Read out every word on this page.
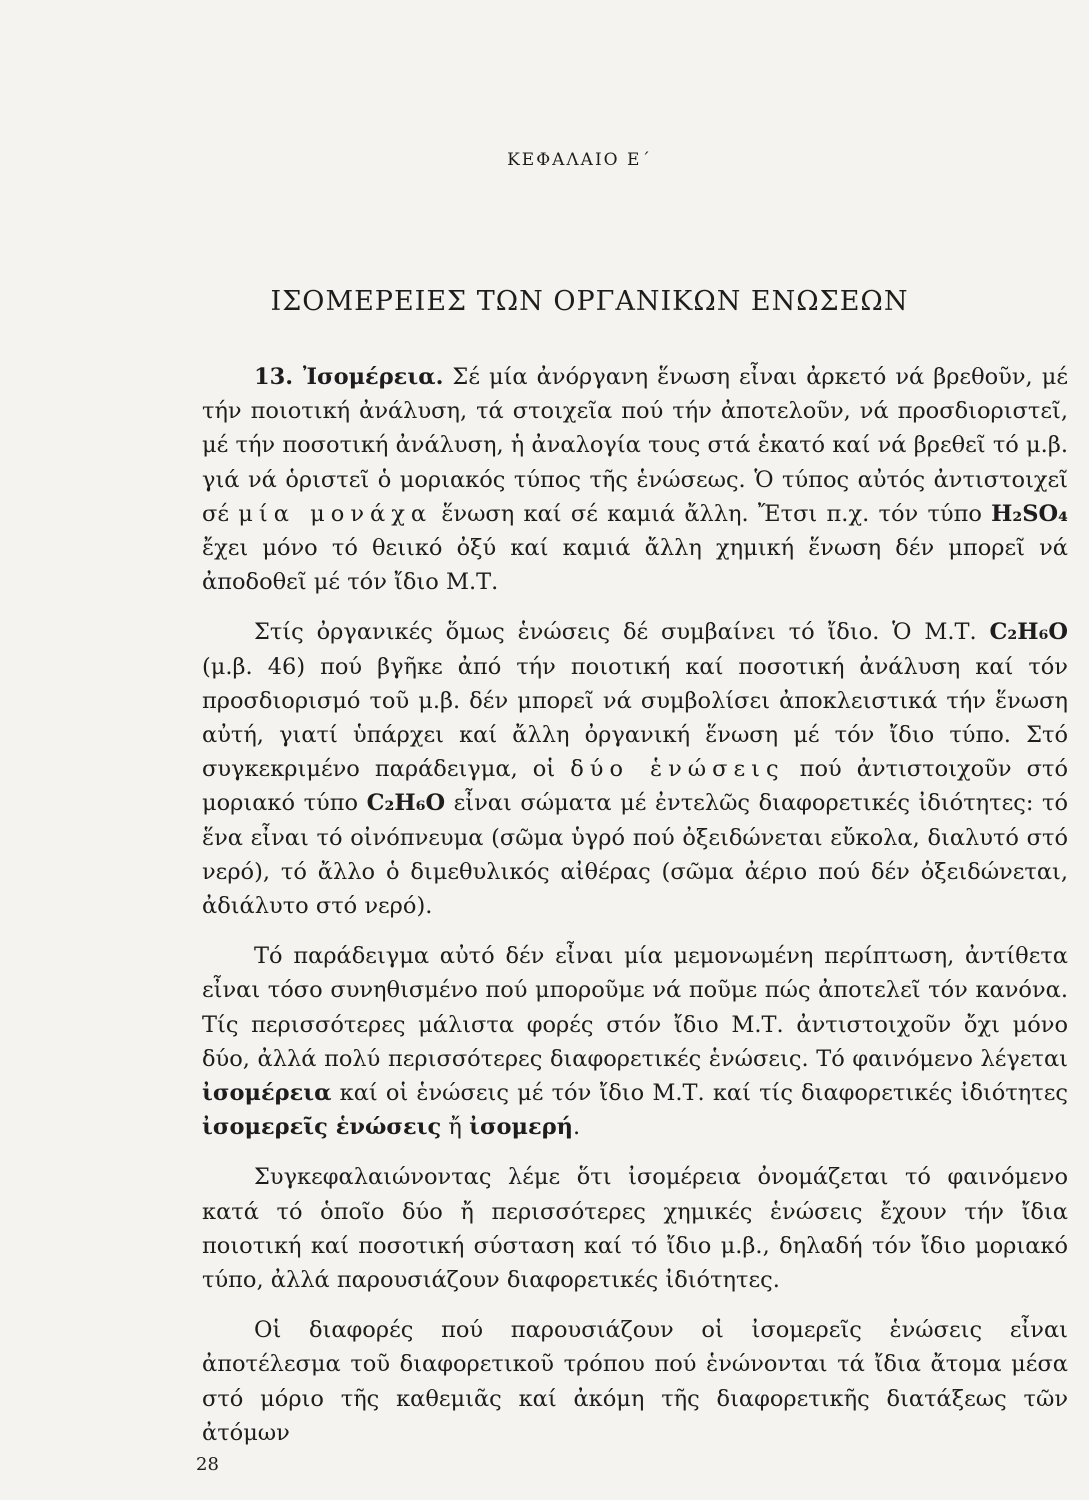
ΚΕΦΑΛΑΙΟ Ε΄
ΙΣΟΜΕΡΕΙΕΣ ΤΩΝ ΟΡΓΑΝΙΚΩΝ ΕΝΩΣΕΩΝ

13. Ἰσομέρεια. Σέ μία ἀνόργανη ἕνωση εἶναι ἀρκετό νά βρεθοῦν, μέ τήν ποιοτική ἀνάλυση, τά στοιχεῖα πού τήν ἀποτελοῦν, νά προσδιοριστεῖ, μέ τήν ποσοτική ἀνάλυση, ἡ ἀναλογία τους στά ἑκατό καί νά βρεθεῖ τό μ.β. γιά νά ὁριστεῖ ὁ μοριακός τύπος τῆς ἑνώσεως. Ὁ τύπος αὐτός ἀντιστοιχεῖ σέ μία μονάχα ἕνωση καί σέ καμιά ἄλλη. Ἔτσι π.χ. τόν τύπο H₂SO₄ ἔχει μόνο τό θειικό ὀξύ καί καμιά ἄλλη χημική ἕνωση δέν μπορεῖ νά ἀποδοθεῖ μέ τόν ἴδιο Μ.Τ.

Στίς ὀργανικές ὅμως ἑνώσεις δέ συμβαίνει τό ἴδιο. Ὁ Μ.Τ. C₂H₆O (μ.β. 46) πού βγῆκε ἀπό τήν ποιοτική καί ποσοτική ἀνάλυση καί τόν προσδιορισμό τοῦ μ.β. δέν μπορεῖ νά συμβολίσει ἀποκλειστικά τήν ἕνωση αὐτή, γιατί ὑπάρχει καί ἄλλη ὀργανική ἕνωση μέ τόν ἴδιο τύπο. Στό συγκεκριμένο παράδειγμα, οἱ δύο ἑνώσεις πού ἀντιστοιχοῦν στό μοριακό τύπο C₂H₆O εἶναι σώματα μέ ἐντελῶς διαφορετικές ἰδιότητες: τό ἕνα εἶναι τό οἰνόπνευμα (σῶμα ὑγρό πού ὀξειδώνεται εὔκολα, διαλυτό στό νερό), τό ἄλλο ὁ διμεθυλικός αἰθέρας (σῶμα ἀέριο πού δέν ὀξειδώνεται, ἀδιάλυτο στό νερό).

Τό παράδειγμα αὐτό δέν εἶναι μία μεμονωμένη περίπτωση, ἀντίθετα εἶναι τόσο συνηθισμένο πού μποροῦμε νά ποῦμε πώς ἀποτελεῖ τόν κανόνα. Τίς περισσότερες μάλιστα φορές στόν ἴδιο Μ.Τ. ἀντιστοιχοῦν ὄχι μόνο δύο, ἀλλά πολύ περισσότερες διαφορετικές ἑνώσεις. Τό φαινόμενο λέγεται ἰσομέρεια καί οἱ ἑνώσεις μέ τόν ἴδιο Μ.Τ. καί τίς διαφορετικές ἰδιότητες ἰσομερεῖς ἑνώσεις ἤ ἰσομερή.

Συγκεφαλαιώνοντας λέμε ὅτι ἰσομέρεια ὀνομάζεται τό φαινόμενο κατά τό ὁποῖο δύο ἤ περισσότερες χημικές ἑνώσεις ἔχουν τήν ἴδια ποιοτική καί ποσοτική σύσταση καί τό ἴδιο μ.β., δηλαδή τόν ἴδιο μοριακό τύπο, ἀλλά παρουσιάζουν διαφορετικές ἰδιότητες.

Οἱ διαφορές πού παρουσιάζουν οἱ ἰσομερεῖς ἑνώσεις εἶναι ἀποτέλεσμα τοῦ διαφορετικοῦ τρόπου πού ἑνώνονται τά ἴδια ἄτομα μέσα στό μόριο τῆς καθεμιᾶς καί ἀκόμη τῆς διαφορετικῆς διατάξεως τῶν ἀτόμων

28
